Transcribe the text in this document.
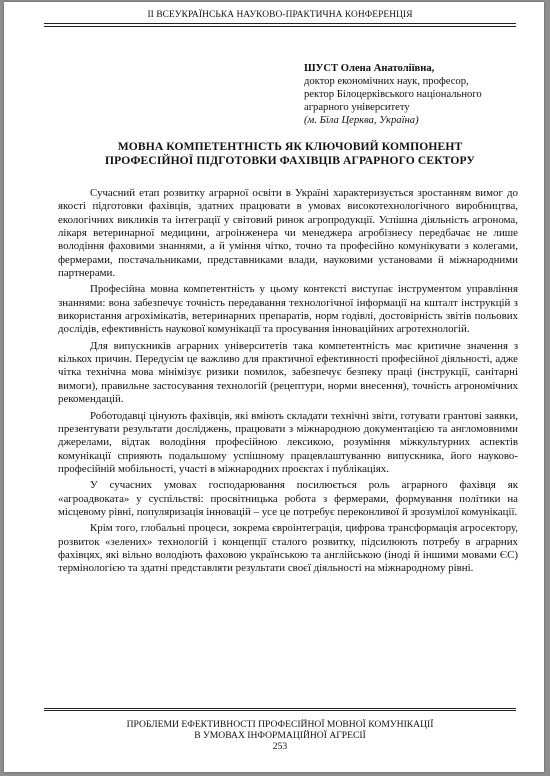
ІІ ВСЕУКРАЇНСЬКА НАУКОВО-ПРАКТИЧНА КОНФЕРЕНЦІЯ
ШУСТ Олена Анатоліївна,
доктор економічних наук, професор,
ректор Білоцерківського національного
аграрного університету
(м. Біла Церква, Україна)
МОВНА КОМПЕТЕНТНІСТЬ ЯК КЛЮЧОВИЙ КОМПОНЕНТ
ПРОФЕСІЙНОЇ ПІДГОТОВКИ ФАХІВЦІВ АГРАРНОГО СЕКТОРУ

Сучасний етап розвитку аграрної освіти в Україні характеризується зростанням вимог до якості підготовки фахівців, здатних працювати в умовах високотехнологічного виробництва, екологічних викликів та інтеграції у світовий ринок агропродукції. Успішна діяльність агронома, лікаря ветеринарної медицини, агроінженера чи менеджера агробізнесу передбачає не лише володіння фаховими знаннями, а й уміння чітко, точно та професійно комунікувати з колегами, фермерами, постачальниками, представниками влади, науковими установами й міжнародними партнерами.

Професійна мовна компетентність у цьому контексті виступає інструментом управління знаннями: вона забезпечує точність передавання технологічної інформації на кшталт інструкцій з використання агрохімікатів, ветеринарних препаратів, норм годівлі, достовірність звітів польових дослідів, ефективність наукової комунікації та просування інноваційних агротехнологій.

Для випускників аграрних університетів така компетентність має критичне значення з кількох причин. Передусім це важливо для практичної ефективності професійної діяльності, адже чітка технічна мова мінімізує ризики помилок, забезпечує безпеку праці (інструкції, санітарні вимоги), правильне застосування технологій (рецептури, норми внесення), точність агрономічних рекомендацій.

Роботодавці цінують фахівців, які вміють складати технічні звіти, готувати грантові заявки, презентувати результати досліджень, працювати з міжнародною документацією та англомовними джерелами, відтак володіння професійною лексикою, розуміння міжкультурних аспектів комунікації сприяють подальшому успішному працевлаштуванню випускника, його науково-професійній мобільності, участі в міжнародних проєктах і публікаціях.

У сучасних умовах господарювання посилюється роль аграрного фахівця як «агроадвоката» у суспільстві: просвітницька робота з фермерами, формування політики на місцевому рівні, популяризація інновацій – усе це потребує переконливої й зрозумілої комунікації.

Крім того, глобальні процеси, зокрема євроінтеграція, цифрова трансформація агросектору, розвиток «зелених» технологій і концепції сталого розвитку, підсилюють потребу в аграрних фахівцях, які вільно володіють фаховою українською та англійською (іноді й іншими мовами ЄС) термінологією та здатні представляти результати своєї діяльності на міжнародному рівні.

ПРОБЛЕМИ ЕФЕКТИВНОСТІ ПРОФЕСІЙНОЇ МОВНОЇ КОМУНІКАЦІЇ
В УМОВАХ ІНФОРМАЦІЙНОЇ АГРЕСІЇ
253
